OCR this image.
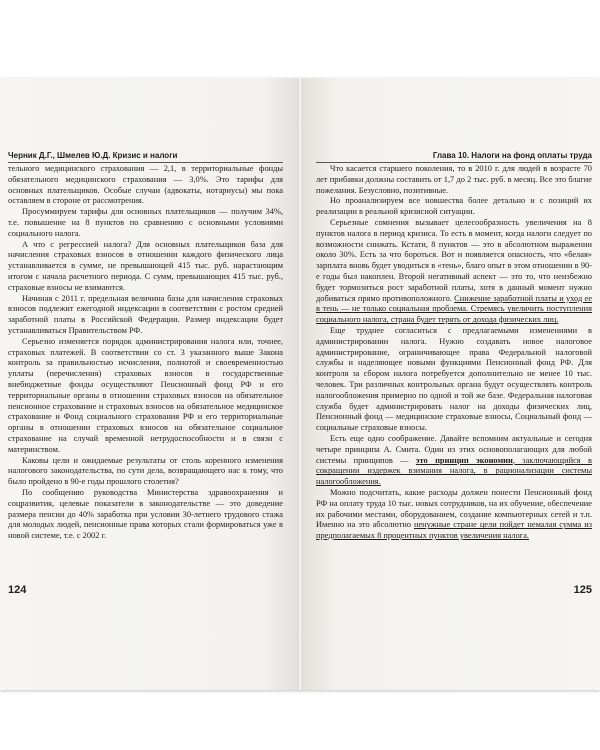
Черник Д.Г., Шмелев Ю.Д. Кризис и налоги

тельного медицинского страхования — 2,1, в территориальные фонды обязательного медицинского страхования — 3,0%. Это тарифы для основных плательщиков. Особые случаи (адвокаты, нотариусы) мы пока оставляем в стороне от рассмотрения.

Просуммируем тарифы для основных плательщиков — получим 34%, т.е. повышение на 8 пунктов по сравнению с основными условиями социального налога.

А что с регрессией налога? Для основных плательщиков база для начисления страховых взносов в отношении каждого физического лица устанавливается в сумме, не превышающей 415 тыс. руб. нарастающим итогом с начала расчетного периода. С сумм, превышающих 415 тыс. руб., страховые взносы не взимаются.

Начиная с 2011 г. предельная величина базы для начисления страховых взносов подлежит ежегодной индексации в соответствии с ростом средней заработной платы в Российской Федерации. Размер индексации будет устанавливаться Правительством РФ.

Серьезно изменяется порядок администрирования налога или, точнее, страховых платежей. В соответствии со ст. 3 указанного выше Закона контроль за правильностью исчисления, полнотой и своевременностью уплаты (перечисления) страховых взносов в государственные внебюджетные фонды осуществляют Пенсионный фонд РФ и его территориальные органы в отношении страховых взносов на обязательное пенсионное страхование и страховых взносов на обязательное медицинское страхование и Фонд социального страхования РФ и его территориальные органы в отношении страховых взносов на обязательное социальное страхование на случай временной нетрудоспособности и в связи с материнством.

Каковы цели и ожидаемые результаты от столь коренного изменения налогового законодательства, по сути дела, возвращающего нас к тому, что было пройдено в 90-е годы прошлого столетия?

По сообщению руководства Министерства здравоохранения и соцразвития, целевые показатели в законодательстве — это доведение размера пенсии до 40% заработка при условии 30-летнего трудового стажа для молодых людей, пенсионные права которых стали формироваться уже в новой системе, т.е. с 2002 г.

124
Глава 10. Налоги на фонд оплаты труда

Что касается старшего поколения, то в 2010 г. для людей в возрасте 70 лет прибавки должны составить от 1,7 до 2 тыс. руб. в месяц. Все это благие пожелания. Безусловно, позитивные.

Но проанализируем все новшества более детально и с позиций их реализации в реальной кризисной ситуации.

Серьезные сомнения вызывает целесообразность увеличения на 8 пунктов налога в период кризиса. То есть в момент, когда налоги следует по возможности снижать. Кстати, 8 пунктов — это в абсолютном выражении около 30%. Есть за что бороться. Вот и появляется опасность, что «белая» зарплата вновь будет уводиться в «тень», благо опыт в этом отношении в 90-е годы был накоплен. Второй негативный аспект — это то, что неизбежно будет тормозиться рост заработной платы, хотя в данный момент нужно добиваться прямо противоположного. Снижение заработной платы и уход ее в тень — не только социальная проблема. Стремясь увеличить поступления социального налога, страна будет терять от дохода физических лиц.

Еще труднее согласиться с предлагаемыми изменениями в администрировании налога. Нужно создавать новое налоговое администрирование, ограничивающее права Федеральной налоговой службы и наделяющее новыми функциями Пенсионный фонд РФ. Для контроля за сбором налога потребуется дополнительно не менее 10 тыс. человек. Три различных контрольных органа будут осуществлять контроль налогообложения примерно по одной и той же базе. Федеральная налоговая служба будет администрировать налог на доходы физических лиц, Пенсионный фонд — медицинские страховые взносы, Социальный фонд — социальные страховые взносы.

Есть еще одно соображение. Давайте вспомним актуальные и сегодня четыре принципа А. Смита. Один из этих основополагающих для любой системы принципов — это принцип экономии, заключающийся в сокращении издержек взимания налога, в рационализации системы налогообложения.

Можно подсчитать, какие расходы должен понести Пенсионный фонд РФ на оплату труда 10 тыс. новых сотрудников, на их обучение, обеспечение их рабочими местами, оборудованием, создание компьютерных сетей и т.п. Именно на это абсолютно ненужные стране цели пойдет немалая сумма из предполагаемых 8 процентных пунктов увеличения налога.

125
